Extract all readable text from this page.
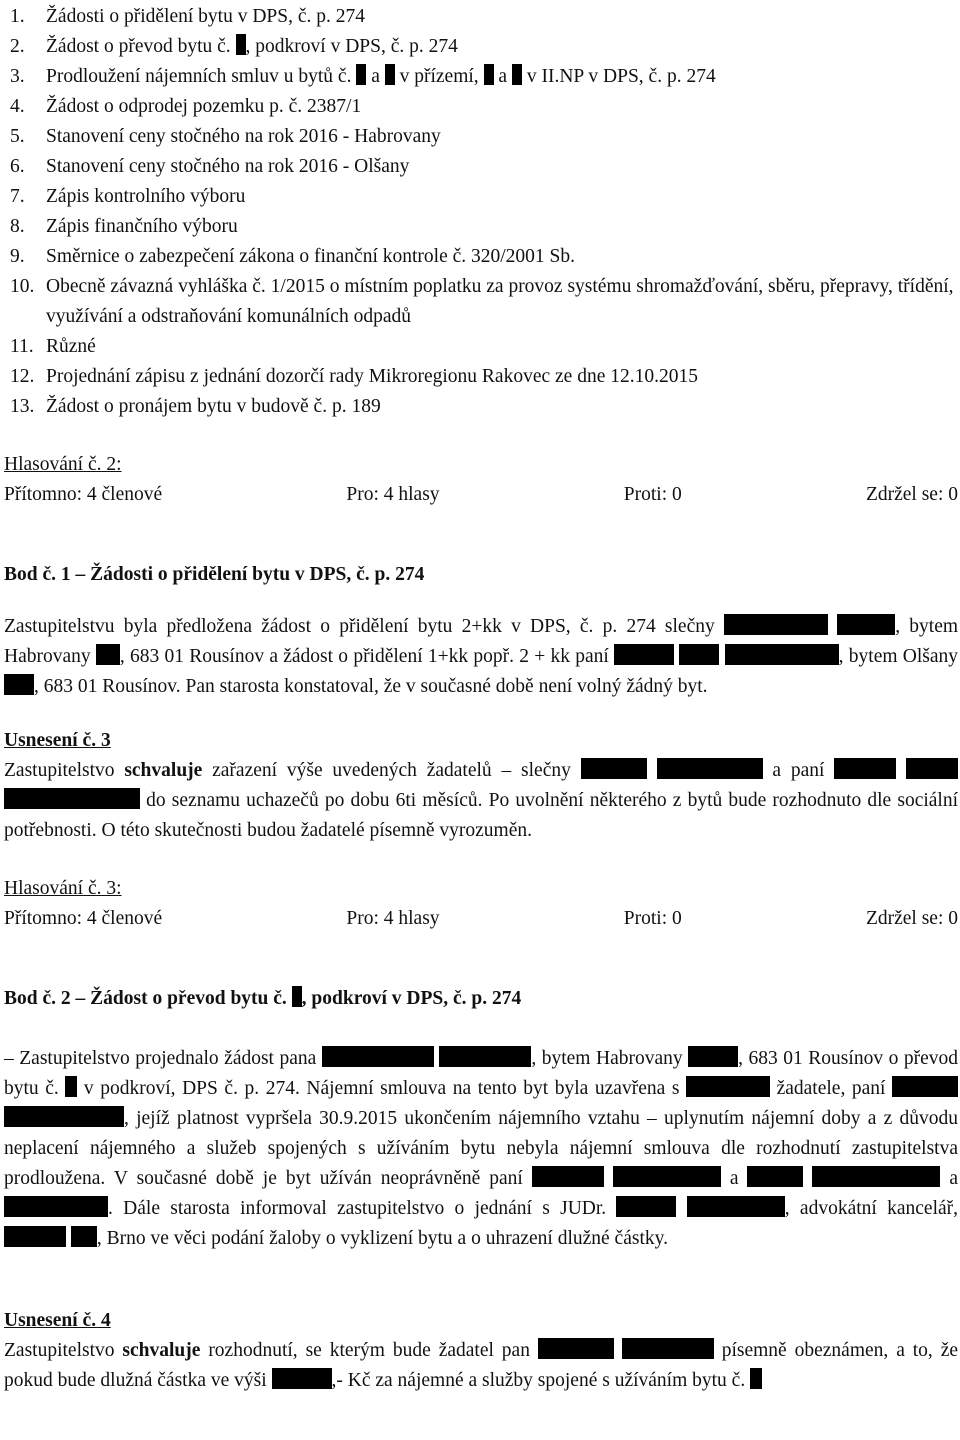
1.	Žádosti o přidělení bytu v DPS, č. p. 274
2.	Žádost o převod bytu č. , podkroví v DPS, č. p. 274
3.	Prodloužení nájemních smluv u bytů č. a v přízemí, a v II.NP v DPS, č. p. 274
4.	Žádost o odprodej pozemku p. č. 2387/1
5.	Stanovení ceny stočného na rok 2016 - Habrovany
6.	Stanovení ceny stočného na rok 2016 - Olšany
7.	Zápis kontrolního výboru
8.	Zápis finančního výboru
9.	Směrnice o zabezpečení zákona o finanční kontrole č. 320/2001 Sb.
10. Obecně závazná vyhláška č. 1/2015 o místním poplatku za provoz systému shromažďování, sběru, přepravy, třídění, využívání a odstraňování komunálních odpadů
11. Různé
12. Projednání zápisu z jednání dozorčí rady Mikroregionu Rakovec ze dne 12.10.2015
13. Žádost o pronájem bytu v budově č. p. 189
Hlasování č. 2:
Přítomno: 4 členové	Pro: 4 hlasy	Proti: 0	Zdržel se: 0
Bod č. 1 – Žádosti o přidělení bytu v DPS, č. p. 274
Zastupitelstvu byla předložena žádost o přidělení bytu 2+kk v DPS, č. p. 274 slečny	, bytem Habrovany , 683 01 Rousínov a žádost o přidělení 1+kk popř. 2 + kk paní	, bytem Olšany , 683 01 Rousínov. Pan starosta konstatoval, že v současné době není volný žádný byt.
Usnesení č. 3
Zastupitelstvo schvaluje zařazení výše uvedených žadatelů – slečny	a paní    do seznamu uchazečů po dobu 6ti měsíců. Po uvolnění některého z bytů bude rozhodnuto dle sociální potřebnosti. O této skutečnosti budou žadatelé písemně vyrozuměn.
Hlasování č. 3:
Přítomno: 4 členové	Pro: 4 hlasy	Proti: 0	Zdržel se: 0
Bod č. 2 – Žádost o převod bytu č. , podkroví v DPS, č. p. 274
– Zastupitelstvo projednalo žádost pana	, bytem Habrovany	, 683 01 Rousínov o převod bytu č.  v podkroví, DPS č. p. 274. Nájemní smlouva na tento byt byla uzavřena s	žadatele, paní  , jejíž platnost vypršela 30.9.2015 ukončením nájemního vztahu – uplynutím nájemní doby a z důvodu neplacení nájemného a služeb spojených s užíváním bytu nebyla nájemní smlouva dle rozhodnutí zastupitelstva prodloužena. V současné době je byt užíván neoprávněně paní	a	a . Dále starosta informoval zastupitelstvo o jednání s JUDr.	, advokátní kancelář,  , Brno ve věci podání žaloby o vyklizení bytu a o uhrazení dlužné částky.
Usnesení č. 4
Zastupitelstvo schvaluje rozhodnutí, se kterým bude žadatel pan	písemně obeznámen, a to, že pokud bude dlužná částka ve výši	,- Kč za nájemné a služby spojené s užíváním bytu č.
